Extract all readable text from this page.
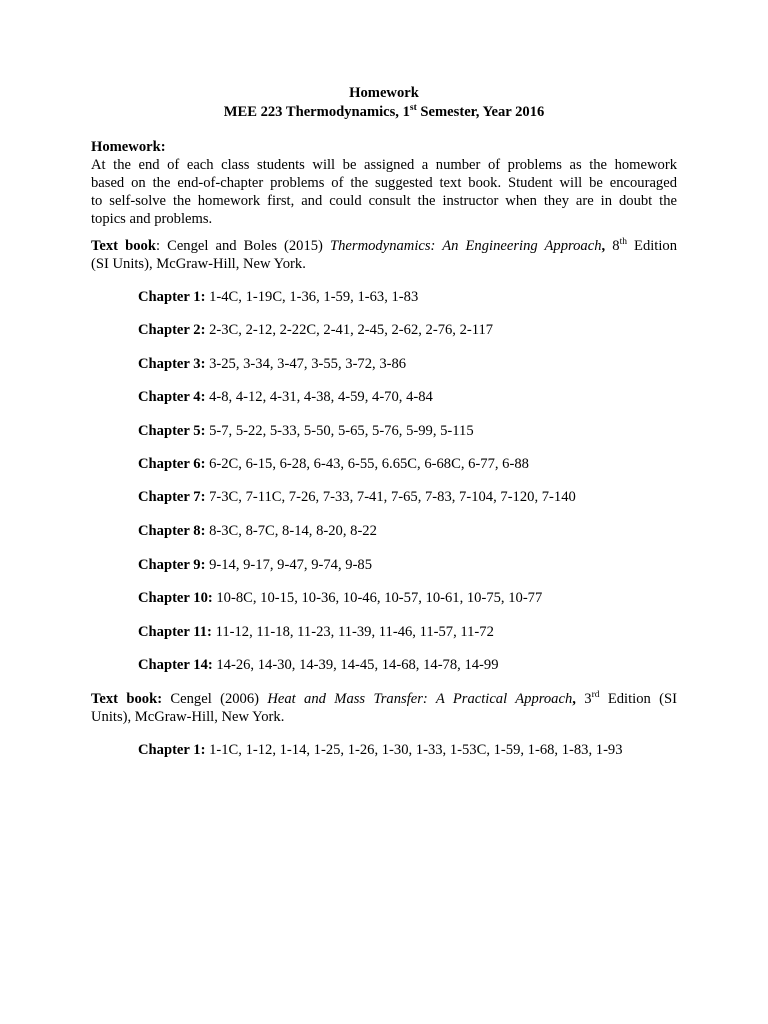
Homework
MEE 223 Thermodynamics, 1st Semester, Year 2016
Homework:
At the end of each class students will be assigned a number of problems as the homework
based on the end-of-chapter problems of the suggested text book. Student will be encouraged
to self-solve the homework first, and could consult the instructor when they are in doubt the
topics and problems.
Text book: Cengel and Boles (2015) Thermodynamics: An Engineering Approach, 8th Edition
(SI Units), McGraw-Hill, New York.
Chapter 1: 1-4C, 1-19C, 1-36, 1-59, 1-63, 1-83
Chapter 2: 2-3C, 2-12, 2-22C, 2-41, 2-45, 2-62, 2-76, 2-117
Chapter 3: 3-25, 3-34, 3-47, 3-55, 3-72, 3-86
Chapter 4: 4-8, 4-12, 4-31, 4-38, 4-59, 4-70, 4-84
Chapter 5: 5-7, 5-22, 5-33, 5-50, 5-65, 5-76, 5-99, 5-115
Chapter 6: 6-2C, 6-15, 6-28, 6-43, 6-55, 6.65C, 6-68C, 6-77, 6-88
Chapter 7: 7-3C, 7-11C, 7-26, 7-33, 7-41, 7-65, 7-83, 7-104, 7-120, 7-140
Chapter 8: 8-3C, 8-7C, 8-14, 8-20, 8-22
Chapter 9: 9-14, 9-17, 9-47, 9-74, 9-85
Chapter 10: 10-8C, 10-15, 10-36, 10-46, 10-57, 10-61, 10-75, 10-77
Chapter 11: 11-12, 11-18, 11-23, 11-39, 11-46, 11-57, 11-72
Chapter 14: 14-26, 14-30, 14-39, 14-45, 14-68, 14-78, 14-99
Text book: Cengel (2006) Heat and Mass Transfer: A Practical Approach, 3rd Edition (SI
Units), McGraw-Hill, New York.
Chapter 1: 1-1C, 1-12, 1-14, 1-25, 1-26, 1-30, 1-33, 1-53C, 1-59, 1-68, 1-83, 1-93
